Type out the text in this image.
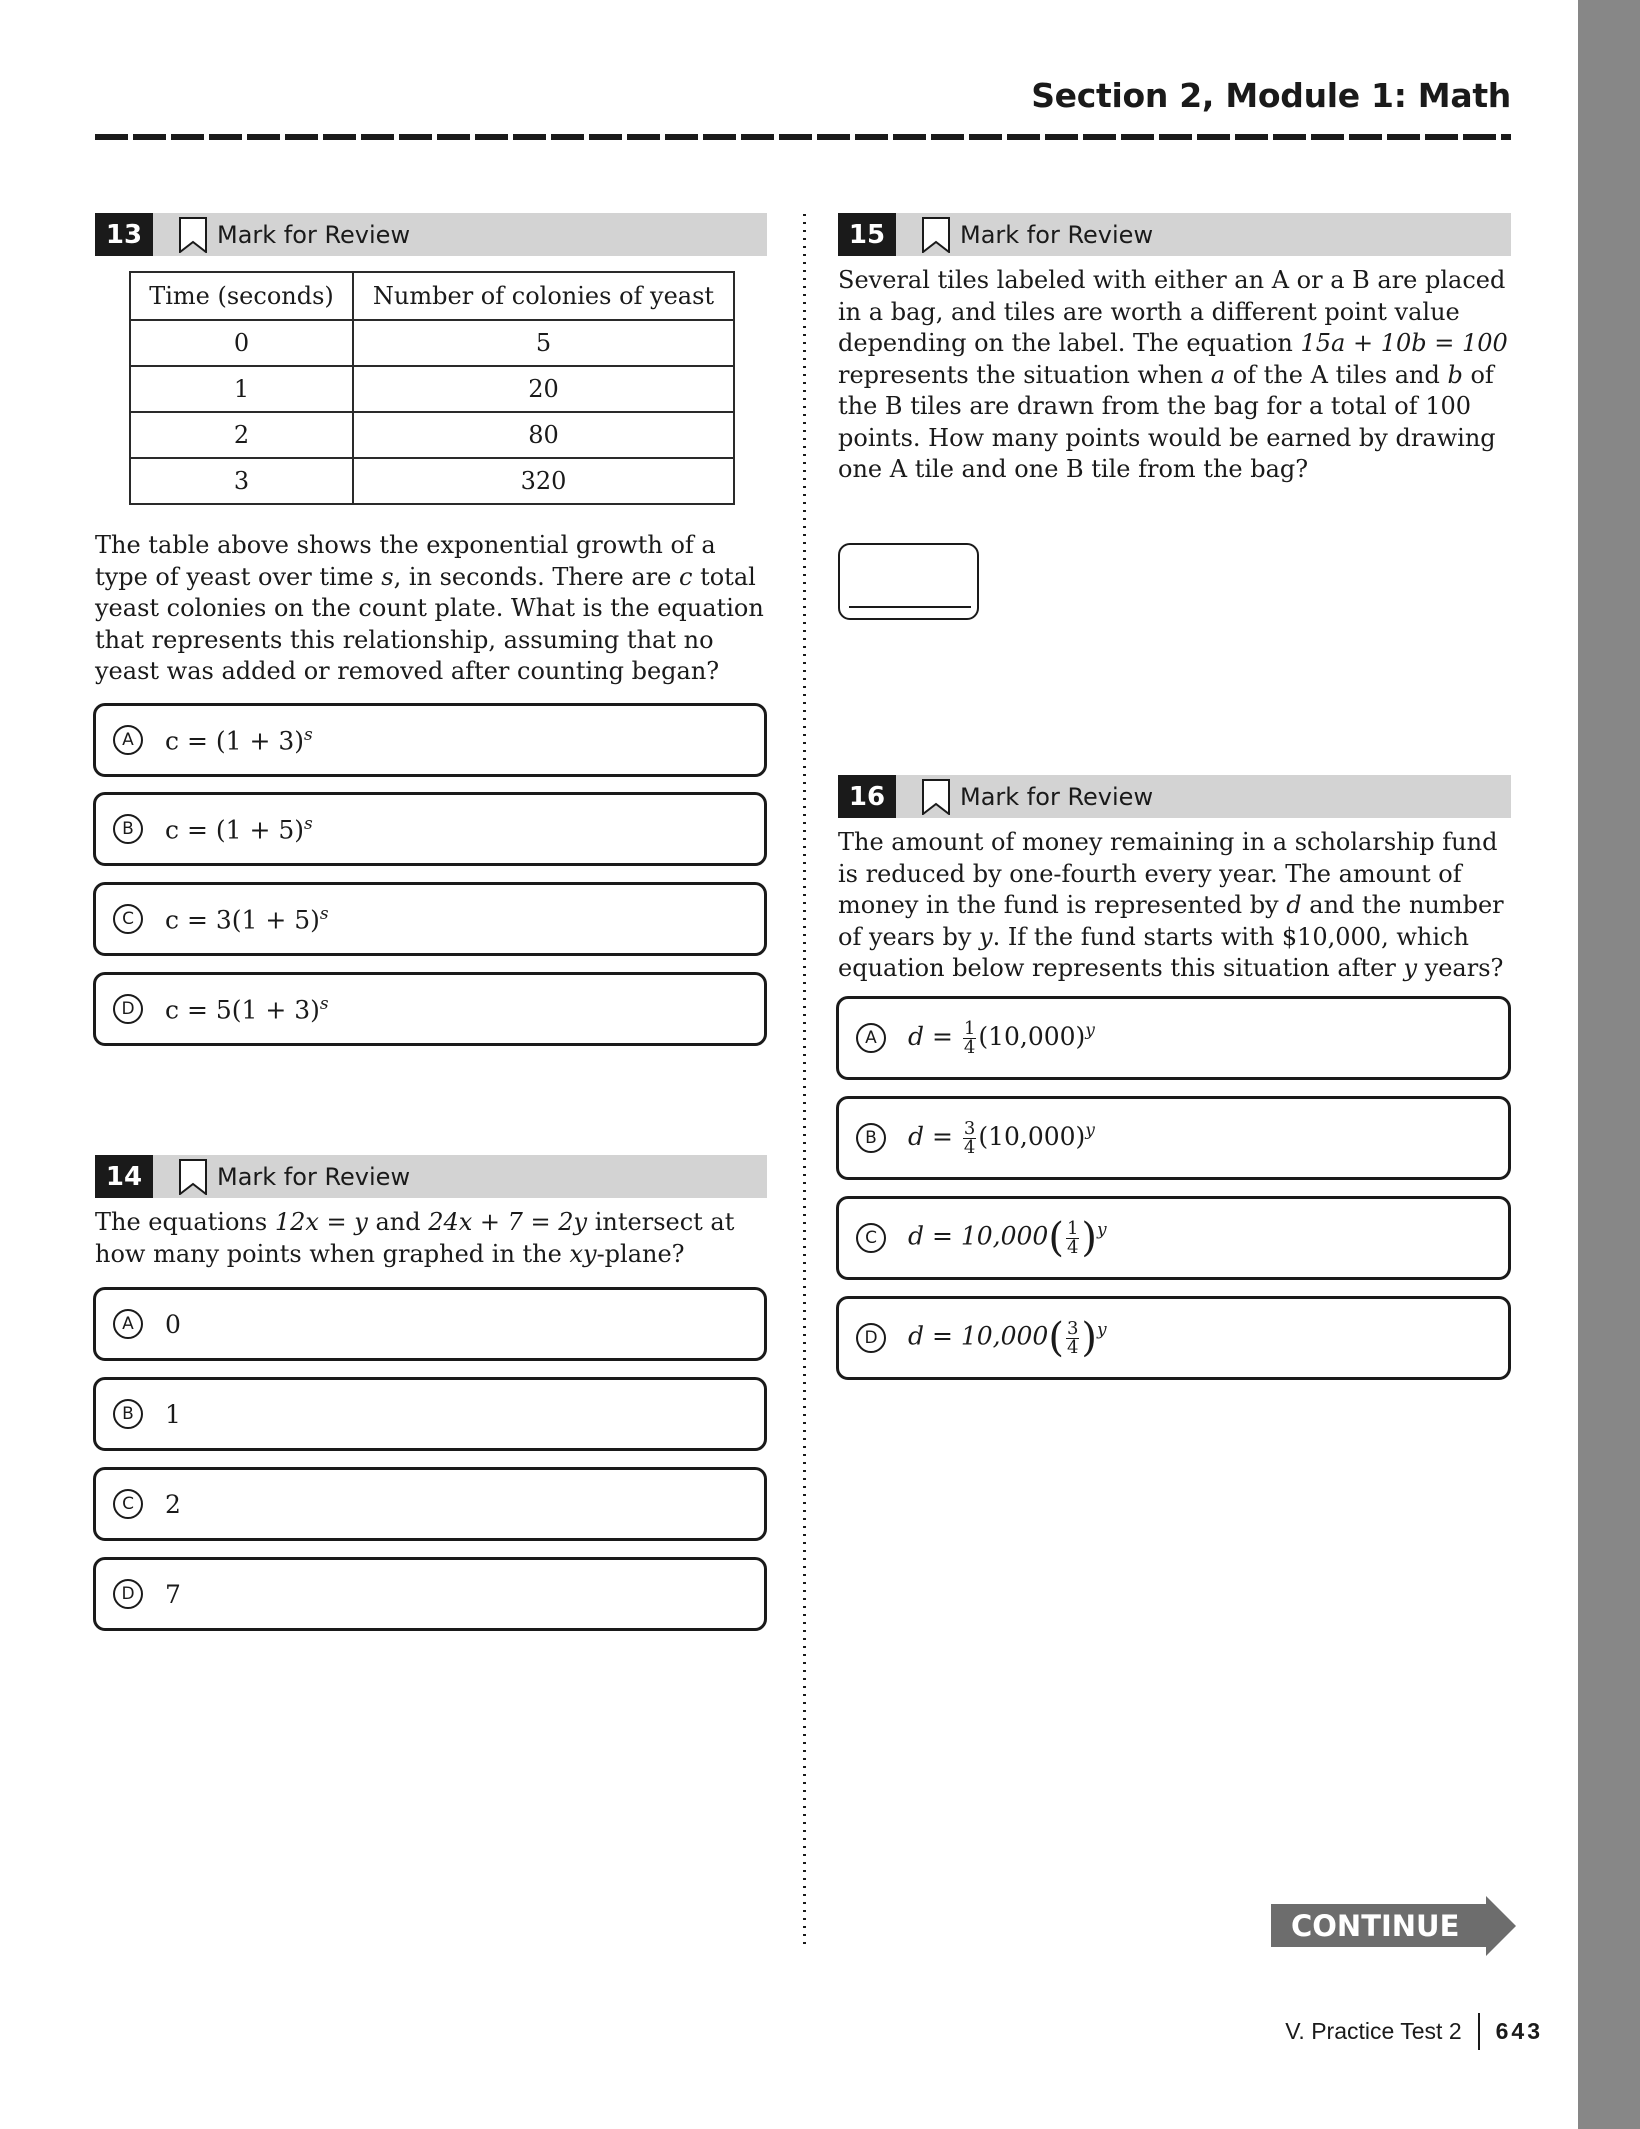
Section 2, Module 1: Math
13	Mark for Review
Time (seconds)	Number of colonies of yeast
0	5
1	20
2	80
3	320
The table above shows the exponential growth of a type of yeast over time s, in seconds. There are c total yeast colonies on the count plate. What is the equation that represents this relationship, assuming that no yeast was added or removed after counting began?
A	$c = (1 + 3)^s$
B	$c = (1 + 5)^s$
C	$c = 3(1 + 5)^s$
D	$c = 5(1 + 3)^s$
14	Mark for Review
The equations 12x = y and 24x + 7 = 2y intersect at how many points when graphed in the xy-plane?
A	0
B	1
C	2
D	7
15	Mark for Review
Several tiles labeled with either an A or a B are placed in a bag, and tiles are worth a different point value depending on the label. The equation 15a + 10b = 100 represents the situation when a of the A tiles and b of the B tiles are drawn from the bag for a total of 100 points. How many points would be earned by drawing one A tile and one B tile from the bag?
16	Mark for Review
The amount of money remaining in a scholarship fund is reduced by one-fourth every year. The amount of money in the fund is represented by d and the number of years by y. If the fund starts with $10,000, which equation below represents this situation after y years?
A	$d = \frac{1}{4} (10,000)^y$
B	$d = \frac{3}{4} (10,000)^y$
C	$d = 10,000( \frac{1}{4} )^y$
D	$d = 10,000( \frac{3}{4} )^y$
CONTINUE
V. Practice Test 2 643
